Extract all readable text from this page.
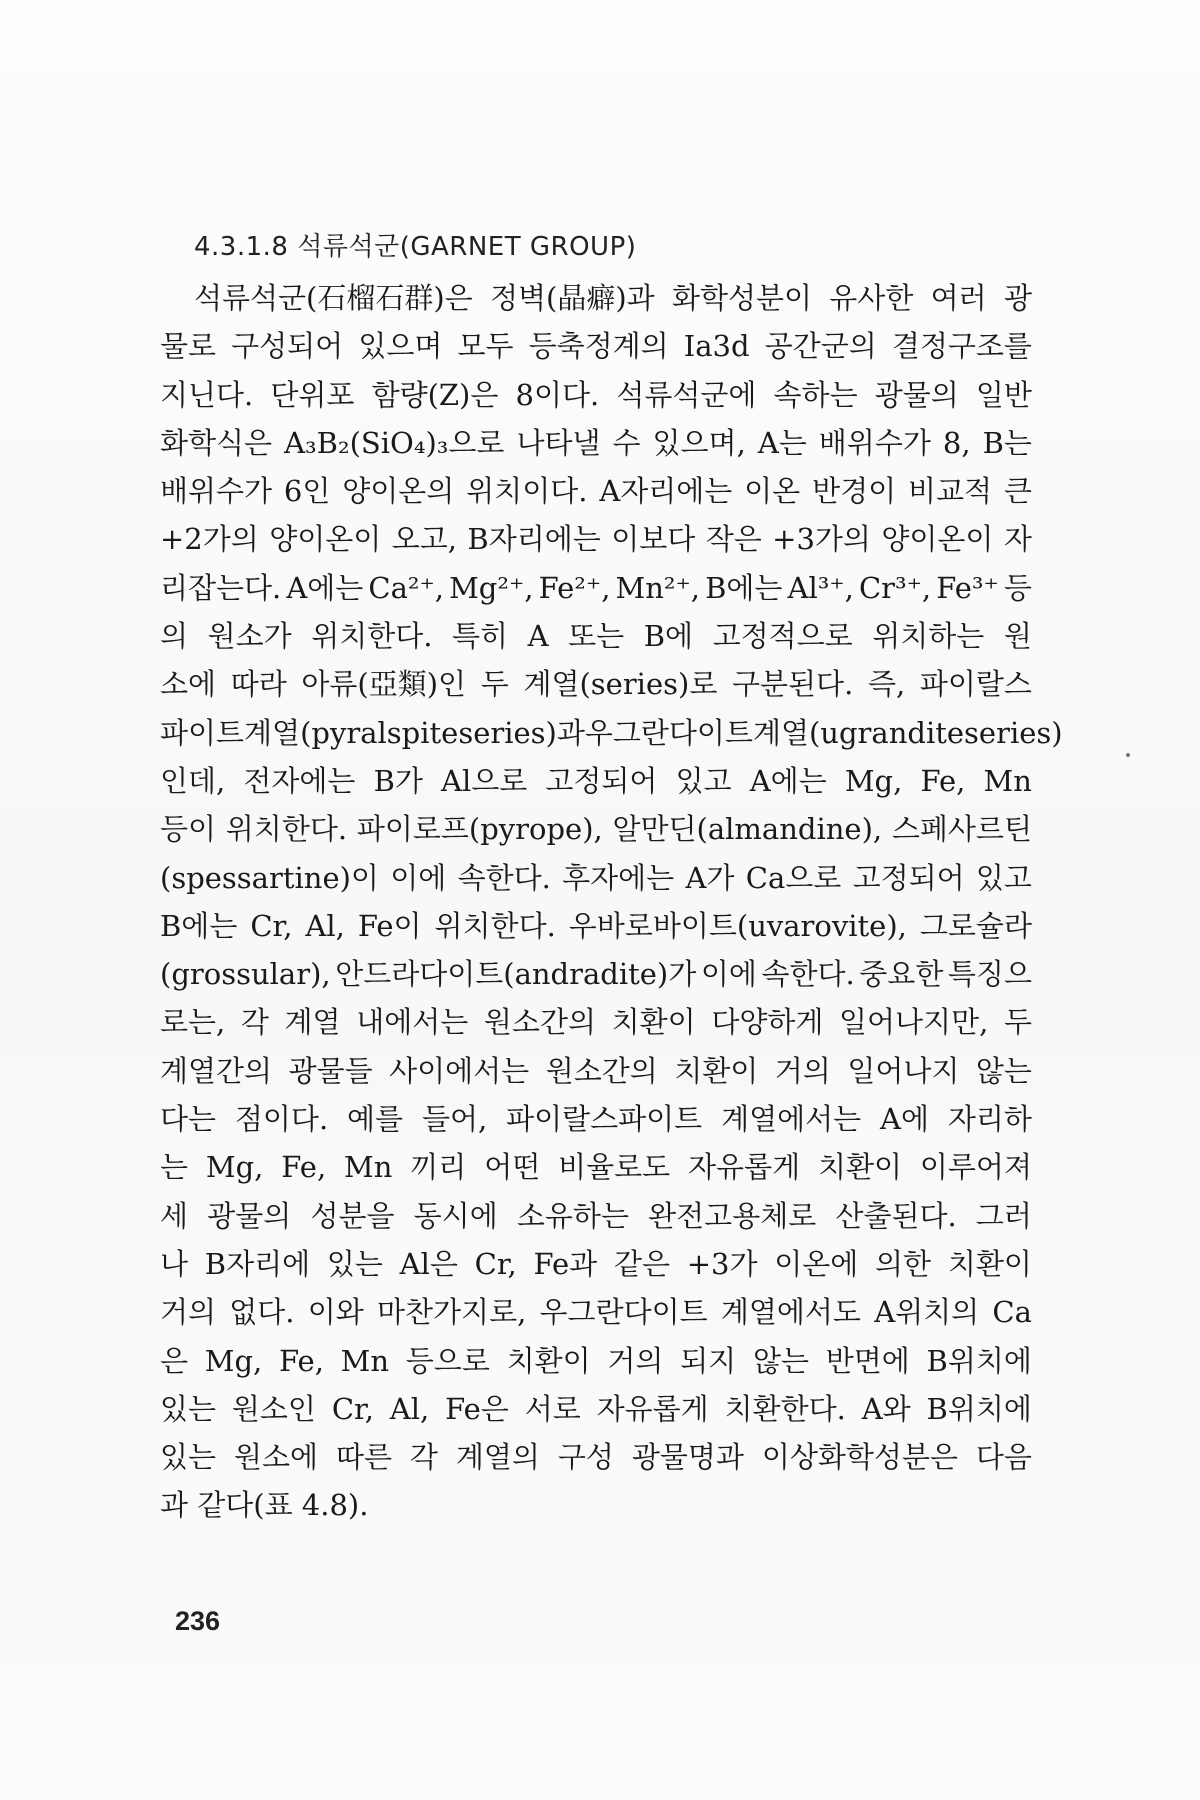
4.3.1.8 석류석군(GARNET GROUP)
석류석군(石榴石群)은 정벽(晶癖)과 화학성분이 유사한 여러 광
물로 구성되어 있으며 모두 등축정계의 Ia3d 공간군의 결정구조를
지닌다. 단위포 함량(Z)은 8이다. 석류석군에 속하는 광물의 일반
화학식은 A₃B₂(SiO₄)₃으로 나타낼 수 있으며, A는 배위수가 8, B는
배위수가 6인 양이온의 위치이다. A자리에는 이온 반경이 비교적 큰
+2가의 양이온이 오고, B자리에는 이보다 작은 +3가의 양이온이 자
리잡는다. A에는 Ca²⁺, Mg²⁺, Fe²⁺, Mn²⁺, B에는 Al³⁺, Cr³⁺, Fe³⁺ 등
의 원소가 위치한다. 특히 A 또는 B에 고정적으로 위치하는 원
소에 따라 아류(亞類)인 두 계열(series)로 구분된다. 즉, 파이랄스
파이트 계열(pyralspite series)과 우그란다이트 계열(ugrandite series)
인데, 전자에는 B가 Al으로 고정되어 있고 A에는 Mg, Fe, Mn
등이 위치한다. 파이로프(pyrope), 알만딘(almandine), 스페사르틴
(spessartine)이 이에 속한다. 후자에는 A가 Ca으로 고정되어 있고
B에는 Cr, Al, Fe이 위치한다. 우바로바이트(uvarovite), 그로슐라
(grossular), 안드라다이트(andradite)가 이에 속한다. 중요한 특징으
로는, 각 계열 내에서는 원소간의 치환이 다양하게 일어나지만, 두
계열간의 광물들 사이에서는 원소간의 치환이 거의 일어나지 않는
다는 점이다. 예를 들어, 파이랄스파이트 계열에서는 A에 자리하
는 Mg, Fe, Mn 끼리 어떤 비율로도 자유롭게 치환이 이루어져
세 광물의 성분을 동시에 소유하는 완전고용체로 산출된다. 그러
나 B자리에 있는 Al은 Cr, Fe과 같은 +3가 이온에 의한 치환이
거의 없다. 이와 마찬가지로, 우그란다이트 계열에서도 A위치의 Ca
은 Mg, Fe, Mn 등으로 치환이 거의 되지 않는 반면에 B위치에
있는 원소인 Cr, Al, Fe은 서로 자유롭게 치환한다. A와 B위치에
있는 원소에 따른 각 계열의 구성 광물명과 이상화학성분은 다음
과 같다(표 4.8).
236
